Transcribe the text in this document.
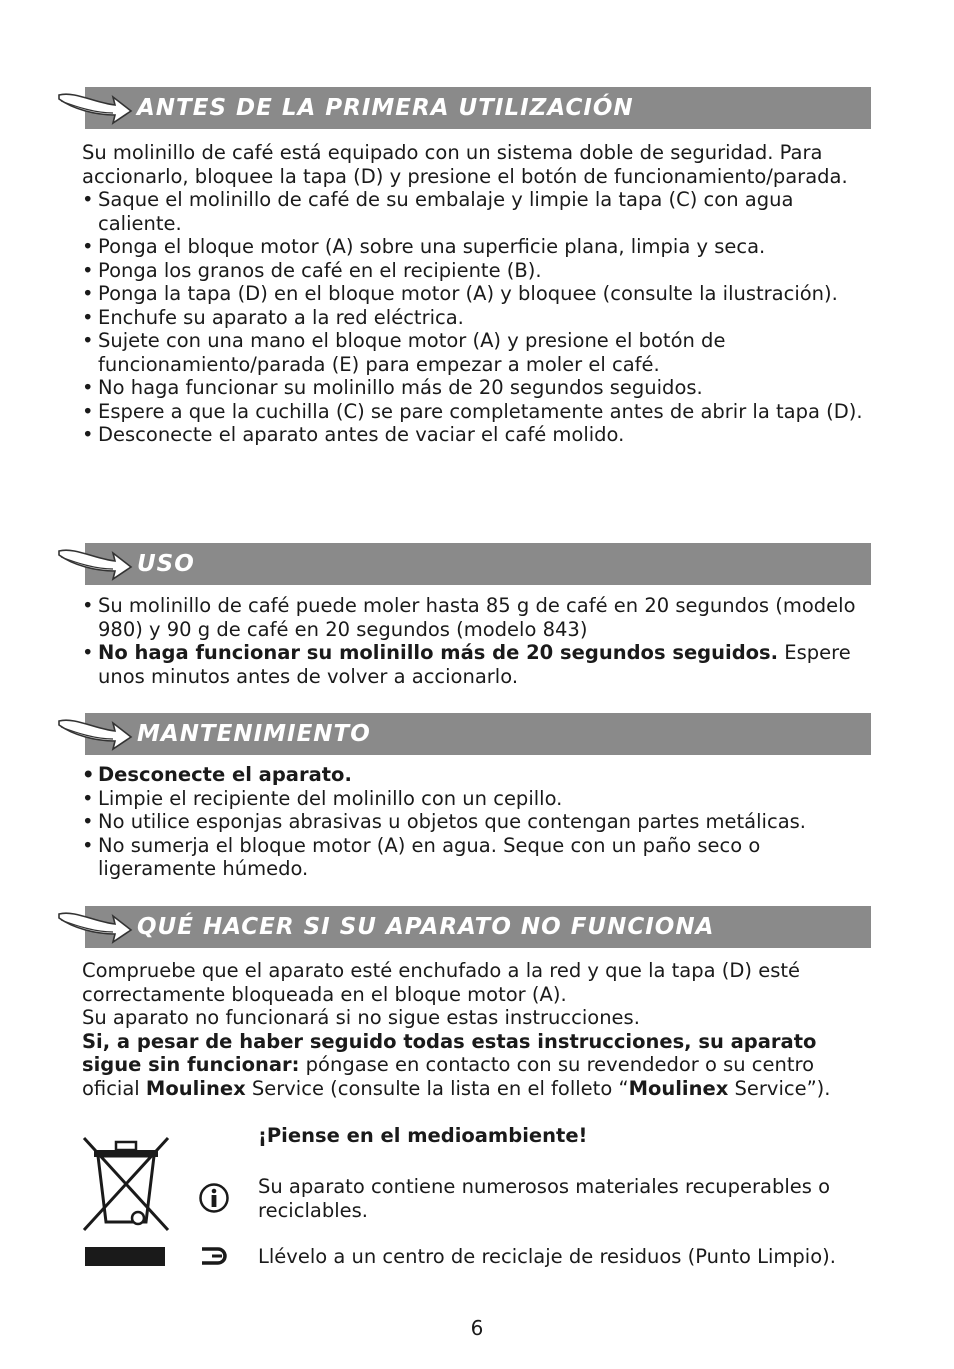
ANTES DE LA PRIMERA UTILIZACIÓN

Su molinillo de café está equipado con un sistema doble de seguridad. Para accionarlo, bloquee la tapa (D) y presione el botón de funcionamiento/parada.

• Saque el molinillo de café de su embalaje y limpie la tapa (C) con agua caliente.
• Ponga el bloque motor (A) sobre una superficie plana, limpia y seca.
• Ponga los granos de café en el recipiente (B).
• Ponga la tapa (D) en el bloque motor (A) y bloquee (consulte la ilustración).
• Enchufe su aparato a la red eléctrica.
• Sujete con una mano el bloque motor (A) y presione el botón de funcionamiento/parada (E) para empezar a moler el café.
• No haga funcionar su molinillo más de 20 segundos seguidos.
• Espere a que la cuchilla (C) se pare completamente antes de abrir la tapa (D).
• Desconecte el aparato antes de vaciar el café molido.
USO
• Su molinillo de café puede moler hasta 85 g de café en 20 segundos (modelo 980) y 90 g de café en 20 segundos (modelo 843)
• No haga funcionar su molinillo más de 20 segundos seguidos. Espere unos minutos antes de volver a accionarlo.
MANTENIMIENTO
• Desconecte el aparato.
• Limpie el recipiente del molinillo con un cepillo.
• No utilice esponjas abrasivas u objetos que contengan partes metálicas.
• No sumerja el bloque motor (A) en agua. Seque con un paño seco o ligeramente húmedo.
QUÉ HACER SI SU APARATO NO FUNCIONA

Compruebe que el aparato esté enchufado a la red y que la tapa (D) esté correctamente bloqueada en el bloque motor (A).

Su aparato no funcionará si no sigue estas instrucciones.

Si, a pesar de haber seguido todas estas instrucciones, su aparato sigue sin funcionar: póngase en contacto con su revendedor o su centro oficial Moulinex Service (consulte la lista en el folleto “Moulinex Service”).

¡Piense en el medioambiente!
Su aparato contiene numerosos materiales recuperables o reciclables.
Llévelo a un centro de reciclaje de residuos (Punto Limpio).
6
